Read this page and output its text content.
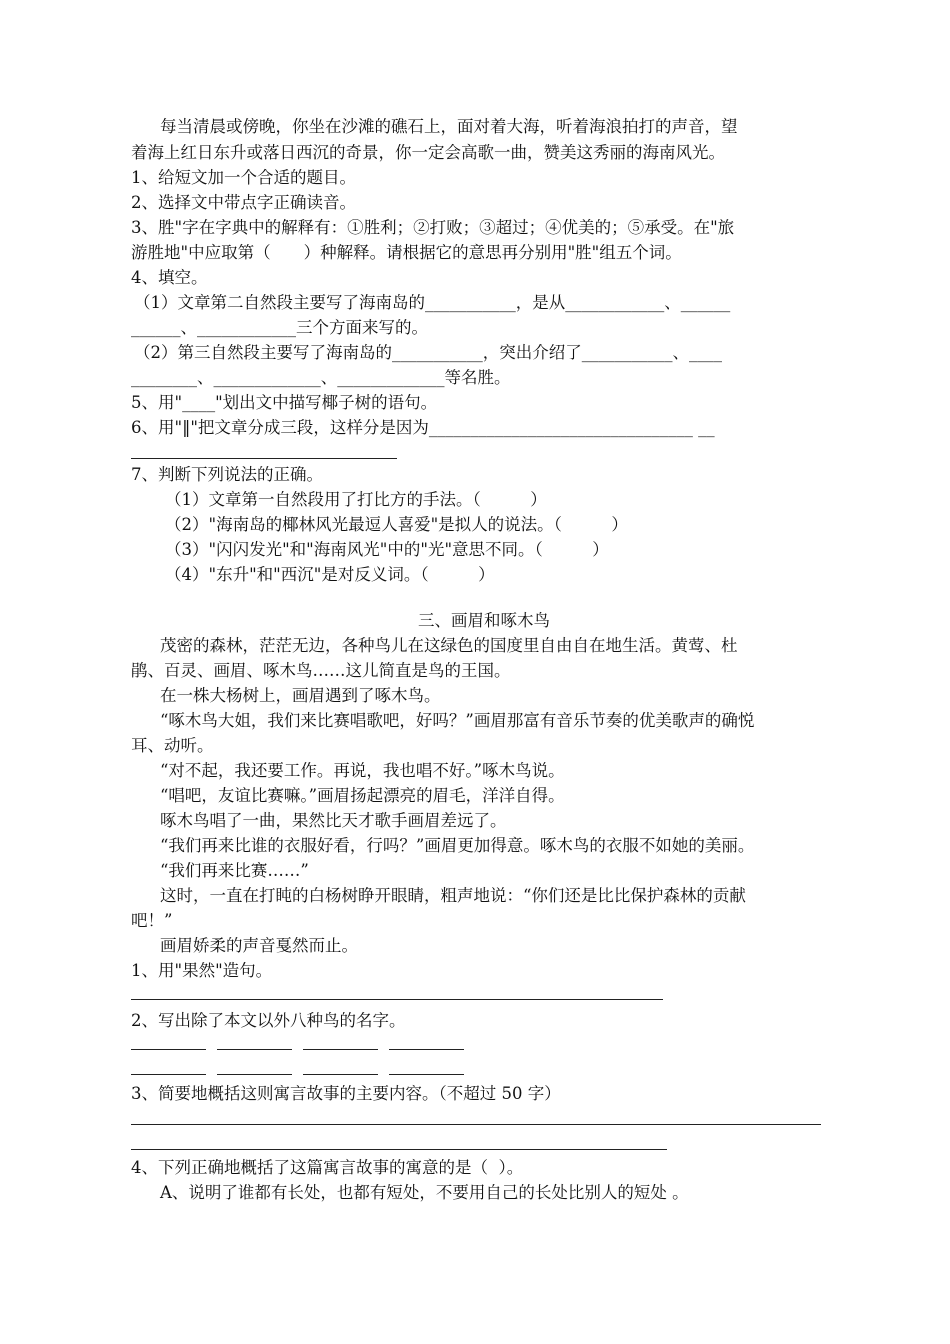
每当清晨或傍晚，你坐在沙滩的礁石上，面对着大海，听着海浪拍打的声音，望
着海上红日东升或落日西沉的奇景，你一定会高歌一曲，赞美这秀丽的海南风光。
1、给短文加一个合适的题目。
2、选择文中带点字正确读音。
3、胜"字在字典中的解释有：①胜利；②打败；③超过；④优美的；⑤承受。在"旅
游胜地"中应取第（　　）种解释。请根据它的意思再分别用"胜"组五个词。
4、填空。
（1）文章第二自然段主要写了海南岛的___________，是从____________、______
______、____________三个方面来写的。
（2）第三自然段主要写了海南岛的___________，突出介绍了___________、____
________、_____________、_____________等名胜。
5、用"____"划出文中描写椰子树的语句。
6、用"‖"把文章分成三段，这样分是因为________________________________ __
7、判断下列说法的正确。
（1）文章第一自然段用了打比方的手法。（　　　）
（2）"海南岛的椰林风光最逗人喜爱"是拟人的说法。（　　　）
（3）"闪闪发光"和"海南风光"中的"光"意思不同。（　　　）
（4）"东升"和"西沉"是对反义词。（　　　）
三、画眉和啄木鸟
茂密的森林，茫茫无边，各种鸟儿在这绿色的国度里自由自在地生活。黄莺、杜
鹃、百灵、画眉、啄木鸟……这儿简直是鸟的王国。
在一株大杨树上，画眉遇到了啄木鸟。
“啄木鸟大姐，我们来比赛唱歌吧，好吗？”画眉那富有音乐节奏的优美歌声的确悦
耳、动听。
“对不起，我还要工作。再说，我也唱不好。”啄木鸟说。
“唱吧，友谊比赛嘛。”画眉扬起漂亮的眉毛，洋洋自得。
啄木鸟唱了一曲，果然比天才歌手画眉差远了。
“我们再来比谁的衣服好看，行吗？”画眉更加得意。啄木鸟的衣服不如她的美丽。
“我们再来比赛……”
这时，一直在打盹的白杨树睁开眼睛，粗声地说：“你们还是比比保护森林的贡献
吧！”
画眉娇柔的声音戛然而止。
1、用"果然"造句。
2、写出除了本文以外八种鸟的名字。
3、简要地概括这则寓言故事的主要内容。（不超过 50 字）
4、下列正确地概括了这篇寓言故事的寓意的是（  ）。
A、说明了谁都有长处，也都有短处，不要用自己的长处比别人的短处 。
